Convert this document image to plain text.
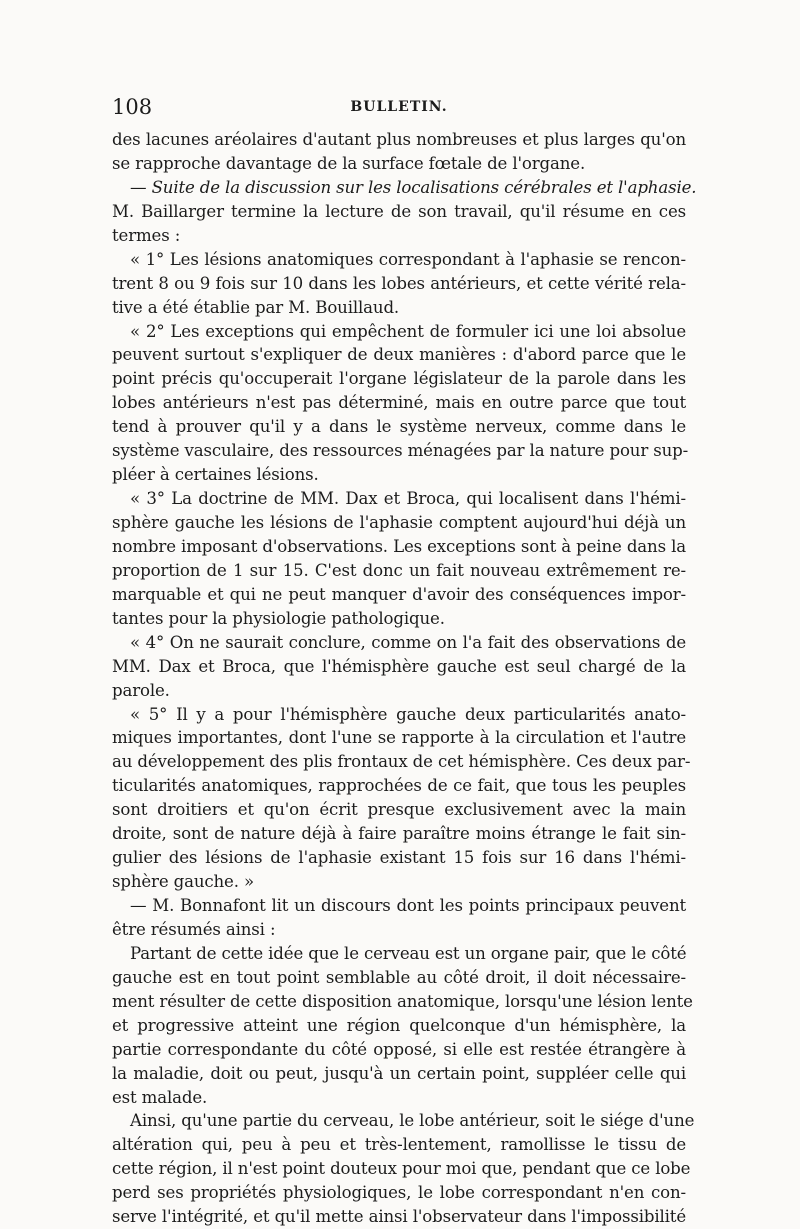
108	BULLETIN.
des lacunes aréolaires d'autant plus nombreuses et plus larges qu'on
se rapproche davantage de la surface fœtale de l'organe.
— Suite de la discussion sur les localisations cérébrales et l'aphasie.
M. Baillarger termine la lecture de son travail, qu'il résume en ces
termes :
« 1° Les lésions anatomiques correspondant à l'aphasie se rencon-
trent 8 ou 9 fois sur 10 dans les lobes antérieurs, et cette vérité rela-
tive a été établie par M. Bouillaud.
« 2° Les exceptions qui empêchent de formuler ici une loi absolue
peuvent surtout s'expliquer de deux manières : d'abord parce que le
point précis qu'occuperait l'organe législateur de la parole dans les
lobes antérieurs n'est pas déterminé, mais en outre parce que tout
tend à prouver qu'il y a dans le système nerveux, comme dans le
système vasculaire, des ressources ménagées par la nature pour sup-
pléer à certaines lésions.
« 3° La doctrine de MM. Dax et Broca, qui localisent dans l'hémi-
sphère gauche les lésions de l'aphasie comptent aujourd'hui déjà un
nombre imposant d'observations. Les exceptions sont à peine dans la
proportion de 1 sur 15. C'est donc un fait nouveau extrêmement re-
marquable et qui ne peut manquer d'avoir des conséquences impor-
tantes pour la physiologie pathologique.
« 4° On ne saurait conclure, comme on l'a fait des observations de
MM. Dax et Broca, que l'hémisphère gauche est seul chargé de la
parole.
« 5° Il y a pour l'hémisphère gauche deux particularités anato-
miques importantes, dont l'une se rapporte à la circulation et l'autre
au développement des plis frontaux de cet hémisphère. Ces deux par-
ticularités anatomiques, rapprochées de ce fait, que tous les peuples
sont droitiers et qu'on écrit presque exclusivement avec la main
droite, sont de nature déjà à faire paraître moins étrange le fait sin-
gulier des lésions de l'aphasie existant 15 fois sur 16 dans l'hémi-
sphère gauche. »
— M. Bonnafont lit un discours dont les points principaux peuvent
être résumés ainsi :
Partant de cette idée que le cerveau est un organe pair, que le côté
gauche est en tout point semblable au côté droit, il doit nécessaire-
ment résulter de cette disposition anatomique, lorsqu'une lésion lente
et progressive atteint une région quelconque d'un hémisphère, la
partie correspondante du côté opposé, si elle est restée étrangère à
la maladie, doit ou peut, jusqu'à un certain point, suppléer celle qui
est malade.
Ainsi, qu'une partie du cerveau, le lobe antérieur, soit le siége d'une
altération qui, peu à peu et très-lentement, ramollisse le tissu de
cette région, il n'est point douteux pour moi que, pendant que ce lobe
perd ses propriétés physiologiques, le lobe correspondant n'en con-
serve l'intégrité, et qu'il mette ainsi l'observateur dans l'impossibilité
